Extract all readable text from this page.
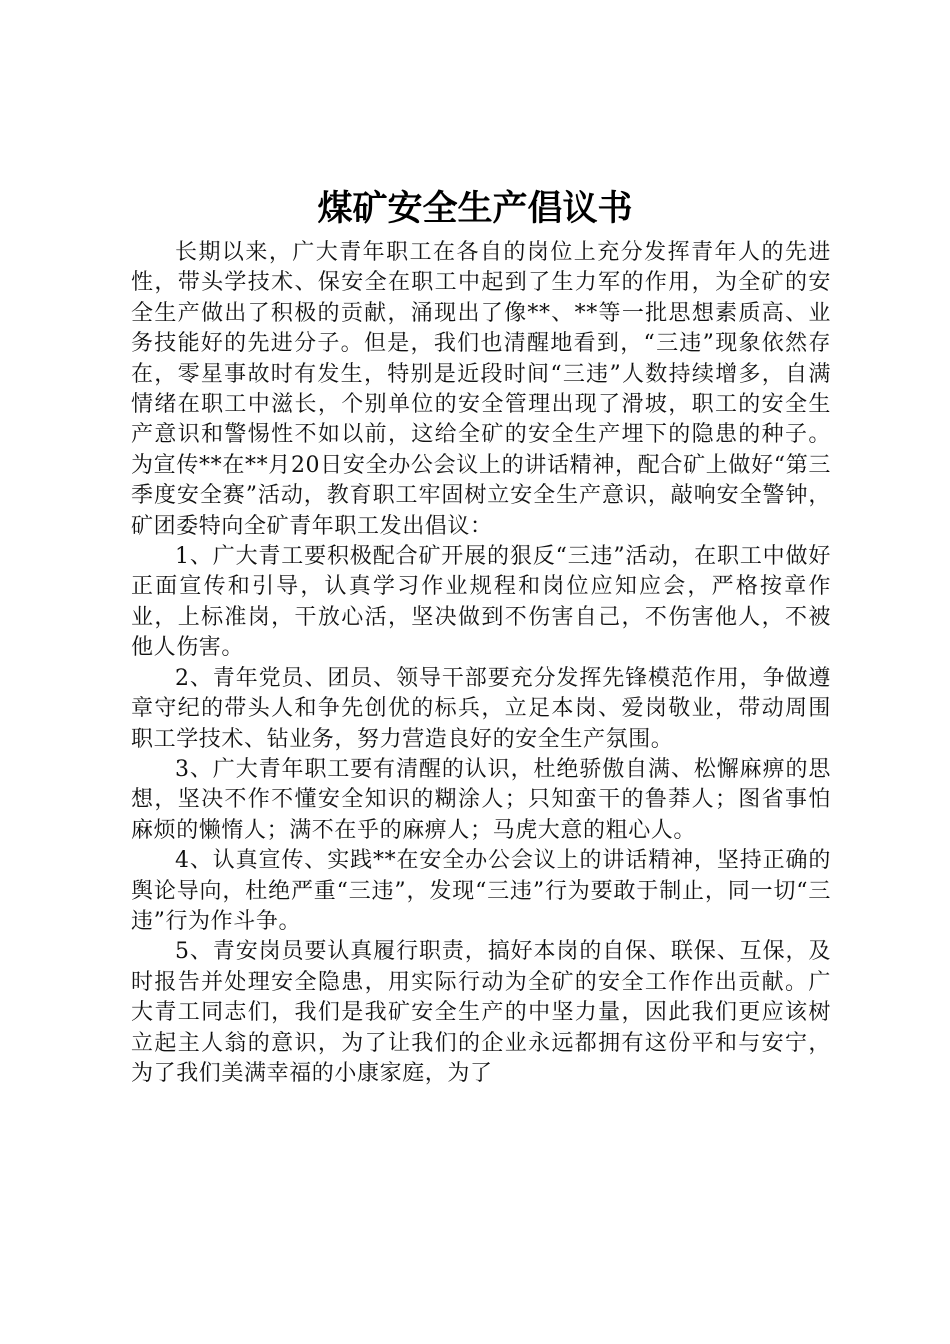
煤矿安全生产倡议书

长期以来，广大青年职工在各自的岗位上充分发挥青年人的先进性，带头学技术、保安全在职工中起到了生力军的作用，为全矿的安全生产做出了积极的贡献，涌现出了像**、**等一批思想素质高、业务技能好的先进分子。但是，我们也清醒地看到，“三违”现象依然存在，零星事故时有发生，特别是近段时间“三违”人数持续增多，自满情绪在职工中滋长，个别单位的安全管理出现了滑坡，职工的安全生产意识和警惕性不如以前，这给全矿的安全生产埋下的隐患的种子。为宣传**在**月20日安全办公会议上的讲话精神，配合矿上做好“第三季度安全赛”活动，教育职工牢固树立安全生产意识，敲响安全警钟，矿团委特向全矿青年职工发出倡议：

1、广大青工要积极配合矿开展的狠反“三违”活动，在职工中做好正面宣传和引导，认真学习作业规程和岗位应知应会，严格按章作业，上标准岗，干放心活，坚决做到不伤害自己，不伤害他人，不被他人伤害。

2、青年党员、团员、领导干部要充分发挥先锋模范作用，争做遵章守纪的带头人和争先创优的标兵，立足本岗、爱岗敬业，带动周围职工学技术、钻业务，努力营造良好的安全生产氛围。

3、广大青年职工要有清醒的认识，杜绝骄傲自满、松懈麻痹的思想，坚决不作不懂安全知识的糊涂人；只知蛮干的鲁莽人；图省事怕麻烦的懒惰人；满不在乎的麻痹人；马虎大意的粗心人。

4、认真宣传、实践**在安全办公会议上的讲话精神，坚持正确的舆论导向，杜绝严重“三违”，发现“三违”行为要敢于制止，同一切“三违”行为作斗争。

5、青安岗员要认真履行职责，搞好本岗的自保、联保、互保，及时报告并处理安全隐患，用实际行动为全矿的安全工作作出贡献。广大青工同志们，我们是我矿安全生产的中坚力量，因此我们更应该树立起主人翁的意识，为了让我们的企业永远都拥有这份平和与安宁，为了我们美满幸福的小康家庭，为了
